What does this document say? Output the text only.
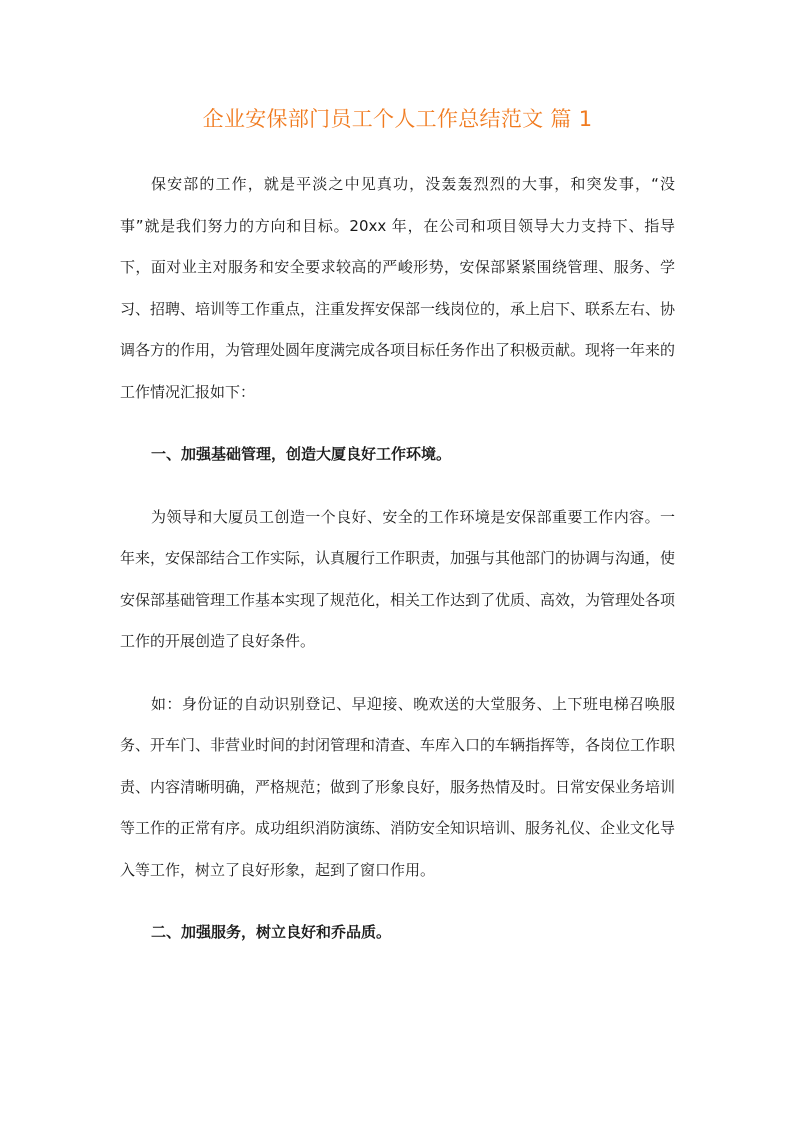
企业安保部门员工个人工作总结范文 篇 1

保安部的工作，就是平淡之中见真功，没轰轰烈烈的大事，和突发事，“没事”就是我们努力的方向和目标。20xx 年，在公司和项目领导大力支持下、指导下，面对业主对服务和安全要求较高的严峻形势，安保部紧紧围绕管理、服务、学习、招聘、培训等工作重点，注重发挥安保部一线岗位的，承上启下、联系左右、协调各方的作用，为管理处圆年度满完成各项目标任务作出了积极贡献。现将一年来的工作情况汇报如下：

一、加强基础管理，创造大厦良好工作环境。

为领导和大厦员工创造一个良好、安全的工作环境是安保部重要工作内容。一年来，安保部结合工作实际，认真履行工作职责，加强与其他部门的协调与沟通，使安保部基础管理工作基本实现了规范化，相关工作达到了优质、高效，为管理处各项工作的开展创造了良好条件。

如：身份证的自动识别登记、早迎接、晚欢送的大堂服务、上下班电梯召唤服务、开车门、非营业时间的封闭管理和清查、车库入口的车辆指挥等，各岗位工作职责、内容清晰明确，严格规范；做到了形象良好，服务热情及时。日常安保业务培训等工作的正常有序。成功组织消防演练、消防安全知识培训、服务礼仪、企业文化导入等工作，树立了良好形象，起到了窗口作用。

二、加强服务，树立良好和乔品质。
